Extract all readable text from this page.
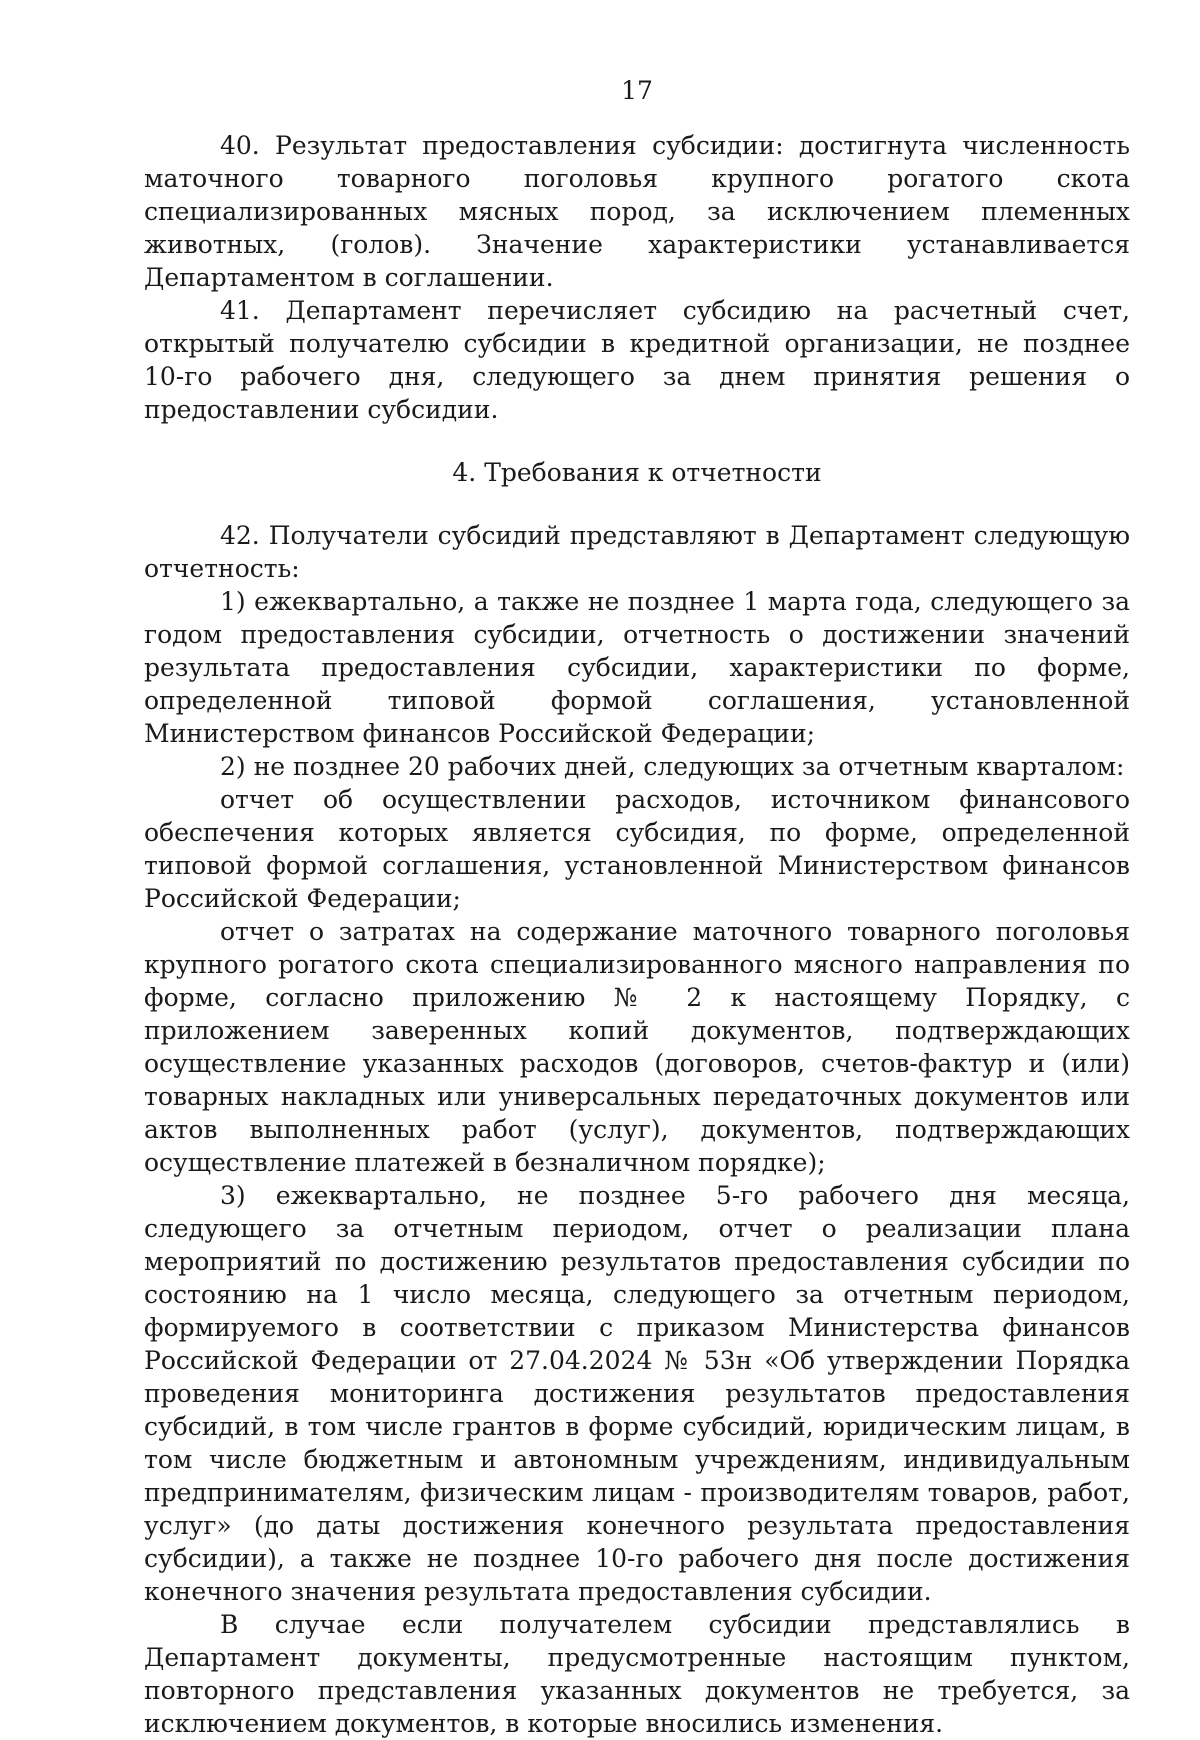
17

40. Результат предоставления субсидии: достигнута численность маточного товарного поголовья крупного рогатого скота специализированных мясных пород, за исключением племенных животных, (голов). Значение характеристики устанавливается Департаментом в соглашении.

41. Департамент перечисляет субсидию на расчетный счет, открытый получателю субсидии в кредитной организации, не позднее 10-го рабочего дня, следующего за днем принятия решения о предоставлении субсидии.

4. Требования к отчетности

42. Получатели субсидий представляют в Департамент следующую отчетность:

1) ежеквартально, а также не позднее 1 марта года, следующего за годом предоставления субсидии, отчетность о достижении значений результата предоставления субсидии, характеристики по форме, определенной типовой формой соглашения, установленной Министерством финансов Российской Федерации;

2) не позднее 20 рабочих дней, следующих за отчетным кварталом:

отчет об осуществлении расходов, источником финансового обеспечения которых является субсидия, по форме, определенной типовой формой соглашения, установленной Министерством финансов Российской Федерации;

отчет о затратах на содержание маточного товарного поголовья крупного рогатого скота специализированного мясного направления по форме, согласно приложению № 2 к настоящему Порядку, с приложением заверенных копий документов, подтверждающих осуществление указанных расходов (договоров, счетов-фактур и (или) товарных накладных или универсальных передаточных документов или актов выполненных работ (услуг), документов, подтверждающих осуществление платежей в безналичном порядке);

3) ежеквартально, не позднее 5-го рабочего дня месяца, следующего за отчетным периодом, отчет о реализации плана мероприятий по достижению результатов предоставления субсидии по состоянию на 1 число месяца, следующего за отчетным периодом, формируемого в соответствии с приказом Министерства финансов Российской Федерации от 27.04.2024 № 53н «Об утверждении Порядка проведения мониторинга достижения результатов предоставления субсидий, в том числе грантов в форме субсидий, юридическим лицам, в том числе бюджетным и автономным учреждениям, индивидуальным предпринимателям, физическим лицам - производителям товаров, работ, услуг» (до даты достижения конечного результата предоставления субсидии), а также не позднее 10-го рабочего дня после достижения конечного значения результата предоставления субсидии.

В случае если получателем субсидии представлялись в Департамент документы, предусмотренные настоящим пунктом, повторного представления указанных документов не требуется, за исключением документов, в которые вносились изменения.
